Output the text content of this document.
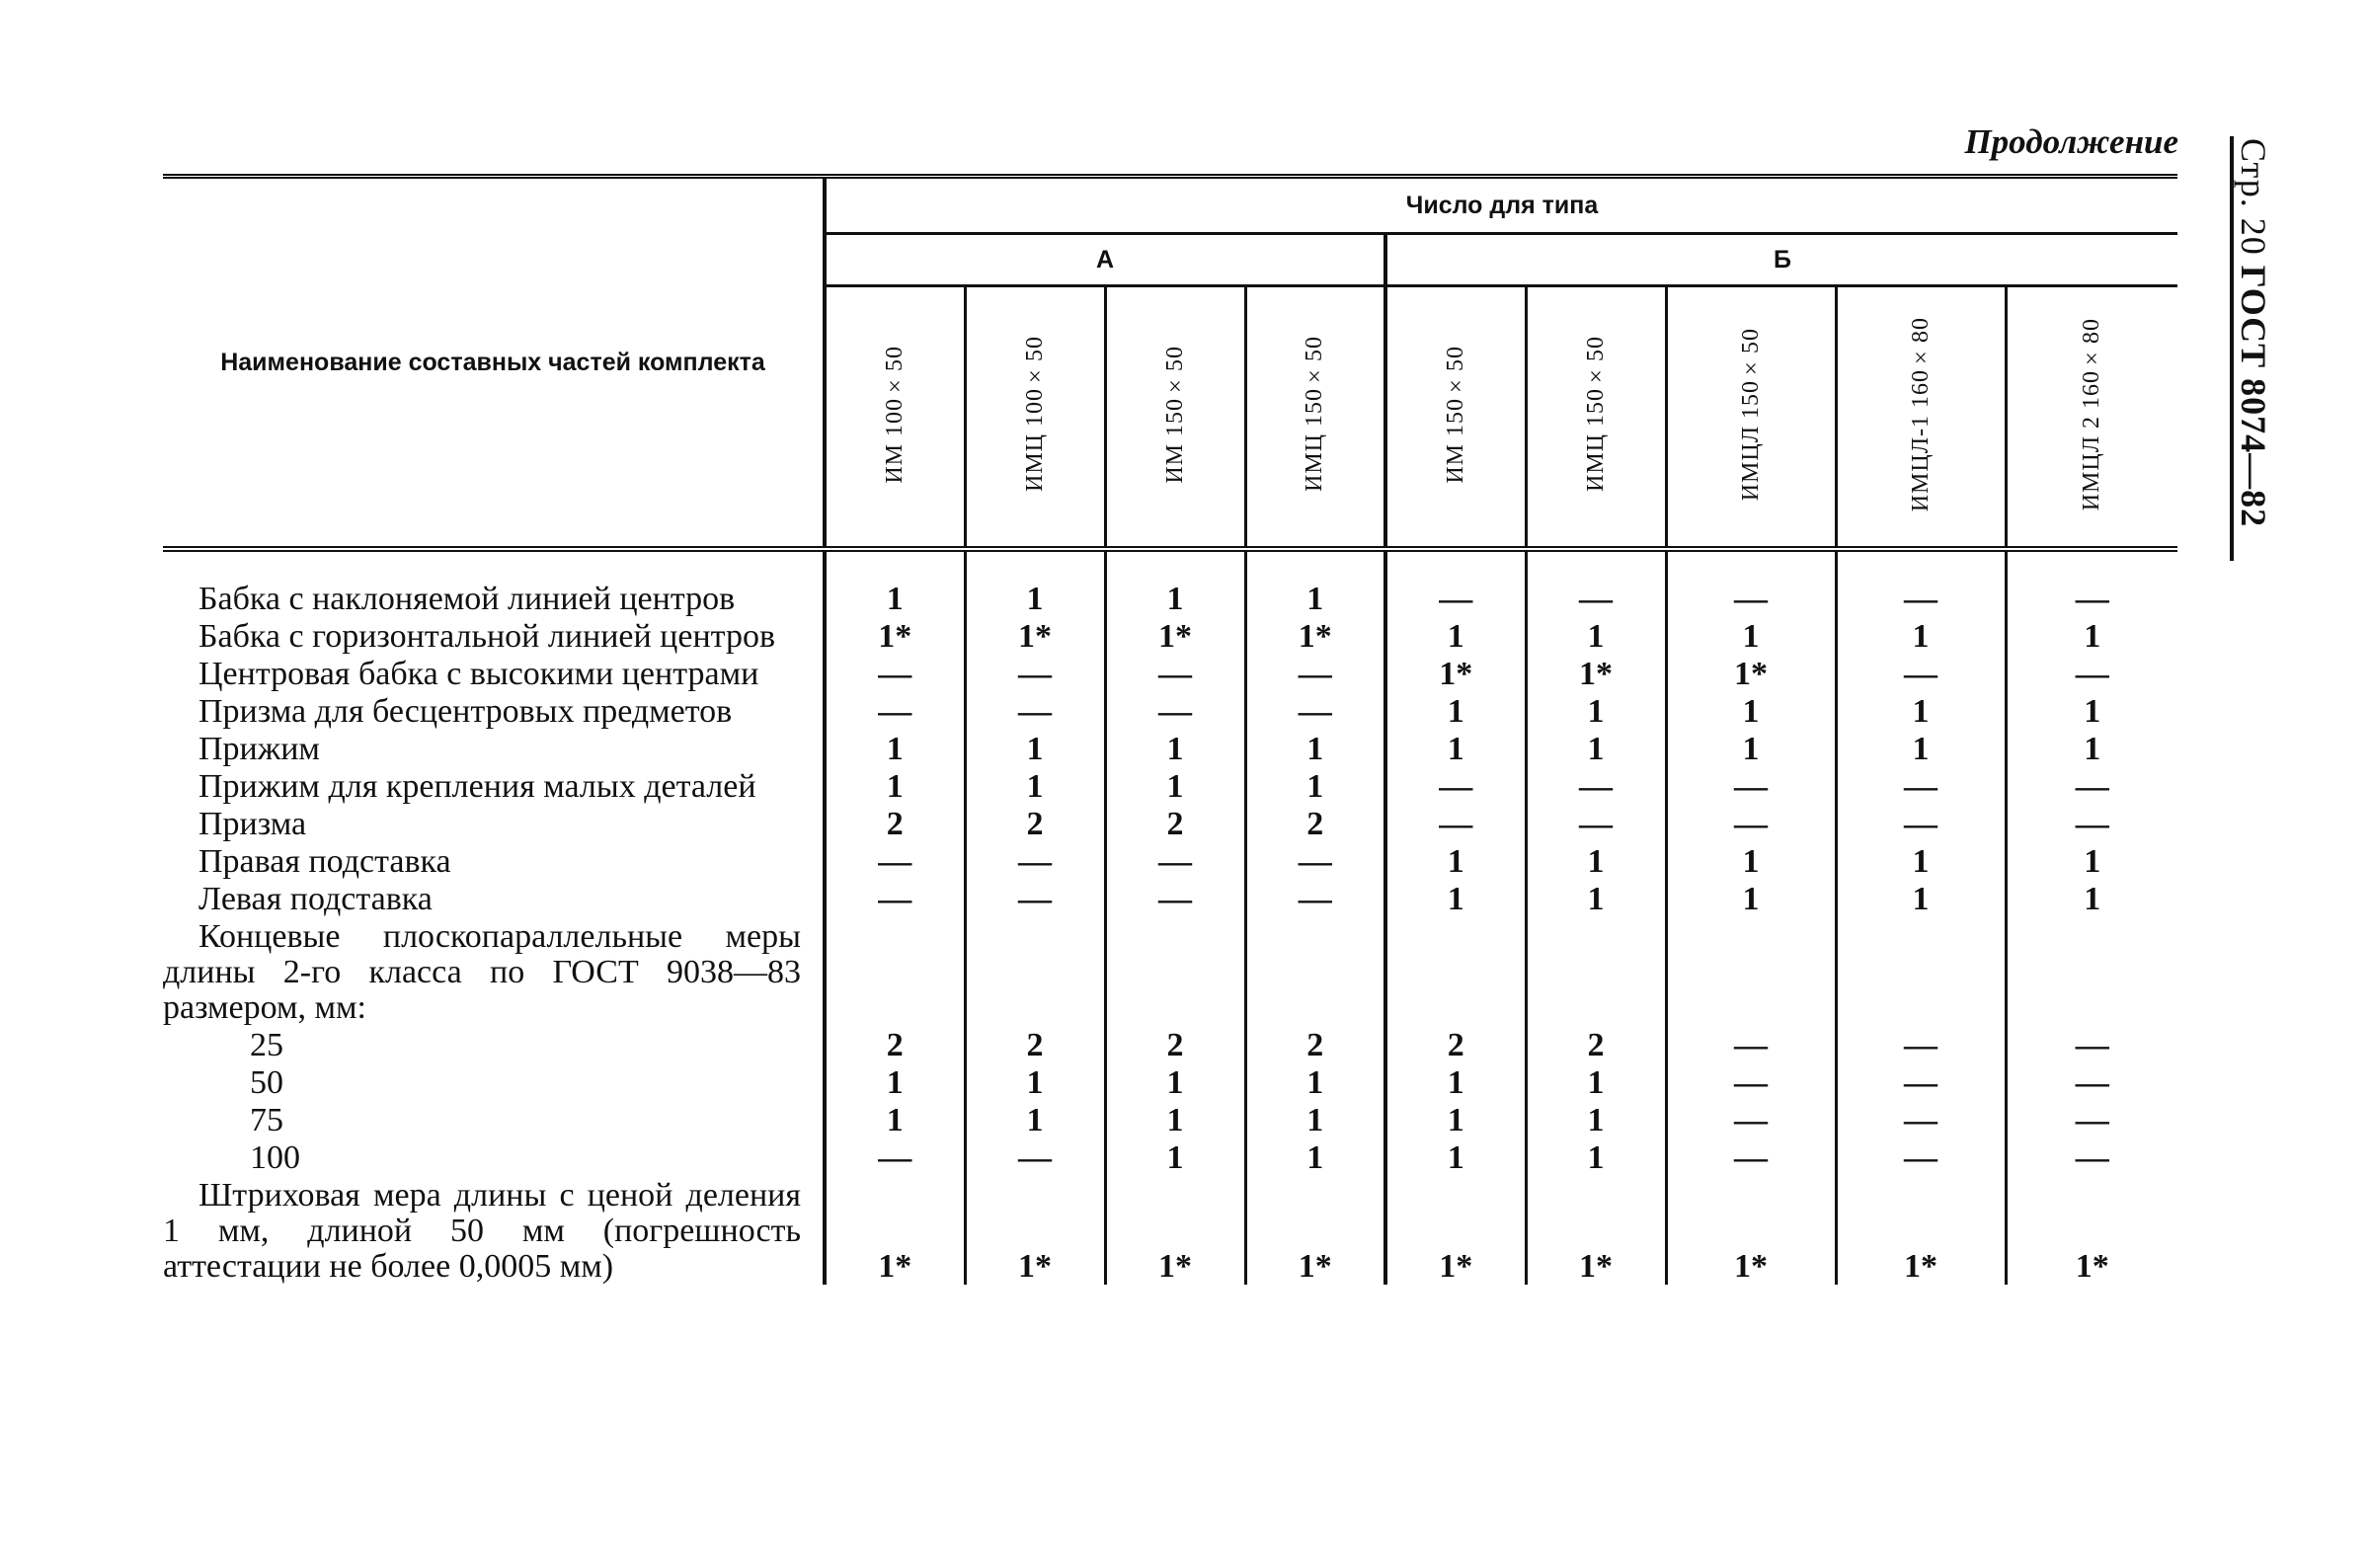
Продолжение Стр. 20 ГОСТ 8074—82
Наименование составных частей комплекта	Число для типа								
	А				Б				
	ИМ 100×50	ИМЦ 100×50	ИМ 150×50	ИМЦ 150×50	ИМ 150×50	ИМЦ 150×50	ИМЦЛ 150×50	ИМЦЛ-1 160×80	ИМЦЛ 2 160×80
Бабка с наклоняемой линией центров	1	1	1	1	—	—	—	—	—
Бабка с горизонтальной линией центров	1*	1*	1*	1*	1	1	1	1	1
Центровая бабка с высокими центрами	—	—	—	—	1*	1*	1*	—	—
Призма для бесцентровых предметов	—	—	—	—	1	1	1	1	1
Прижим	1	1	1	1	1	1	1	1	1
Прижим для крепления малых деталей	1	1	1	1	—	—	—	—	—
Призма	2	2	2	2	—	—	—	—	—
Правая подставка	—	—	—	—	1	1	1	1	1
Левая подставка	—	—	—	—	1	1	1	1	1
Концевые плоскопараллельные меры длины 2-го класса по ГОСТ 9038—83 размером, мм:									
25	2	2	2	2	2	2	—	—	—
50	1	1	1	1	1	1	—	—	—
75	1	1	1	1	1	1	—	—	—
100	—	—	1	1	1	1	—	—	—
Штриховая мера длины с ценой деления 1 мм, длиной 50 мм (погрешность аттестации не более 0,0005 мм)	1*	1*	1*	1*	1*	1*	1*	1*	1*
